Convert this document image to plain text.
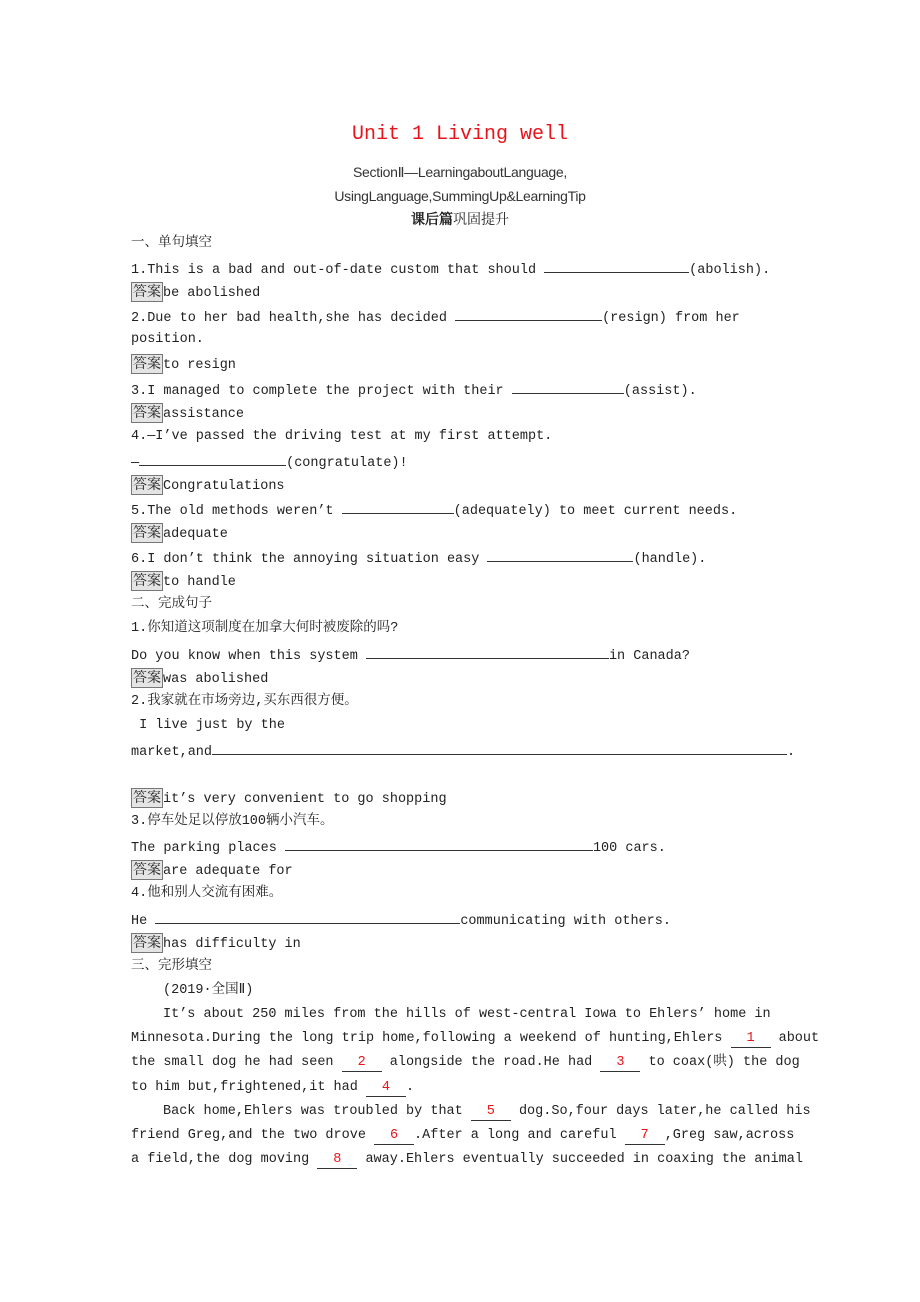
Unit 1 Living well
SectionⅡ—LearningaboutLanguage,
UsingLanguage,SummingUp&LearningTip
课后篇巩固提升
一、单句填空
1.This is a bad and out-of-date custom that should	(abolish).
答案 be abolished
2.Due to her bad health,she has decided	(resign) from her
position.
答案 to resign
3.I managed to complete the project with their	(assist).
答案 assistance
4.—I’ve passed the driving test at my first attempt.
—	(congratulate)!
答案 Congratulations
5.The old methods weren’t	(adequately) to meet current needs.
答案 adequate
6.I don’t think the annoying situation easy	(handle).
答案 to handle
二、完成句子
1.你知道这项制度在加拿大何时被废除的吗?
Do you know when this system	in Canada?
答案 was abolished
2.我家就在市场旁边,买东西很方便。
I live just by the
market,and	.
答案 it’s very convenient to go shopping
3.停车处足以停放100辆小汽车。
The parking places	100 cars.
答案 are adequate for
4.他和别人交流有困难。
He	communicating with others.
答案 has difficulty in
三、完形填空
(2019·全国Ⅱ)
It’s about 250 miles from the hills of west-central Iowa to Ehlers’ home in
Minnesota.During the long trip home,following a weekend of hunting,Ehlers 1 about
the small dog he had seen 2 alongside the road.He had 3 to coax(哄) the dog
to him but,frightened,it had 4 .
Back home,Ehlers was troubled by that 5 dog.So,four days later,he called his
friend Greg,and the two drove 6 .After a long and careful 7 ,Greg saw,across
a field,the dog moving 8 away.Ehlers eventually succeeded in coaxing the animal
